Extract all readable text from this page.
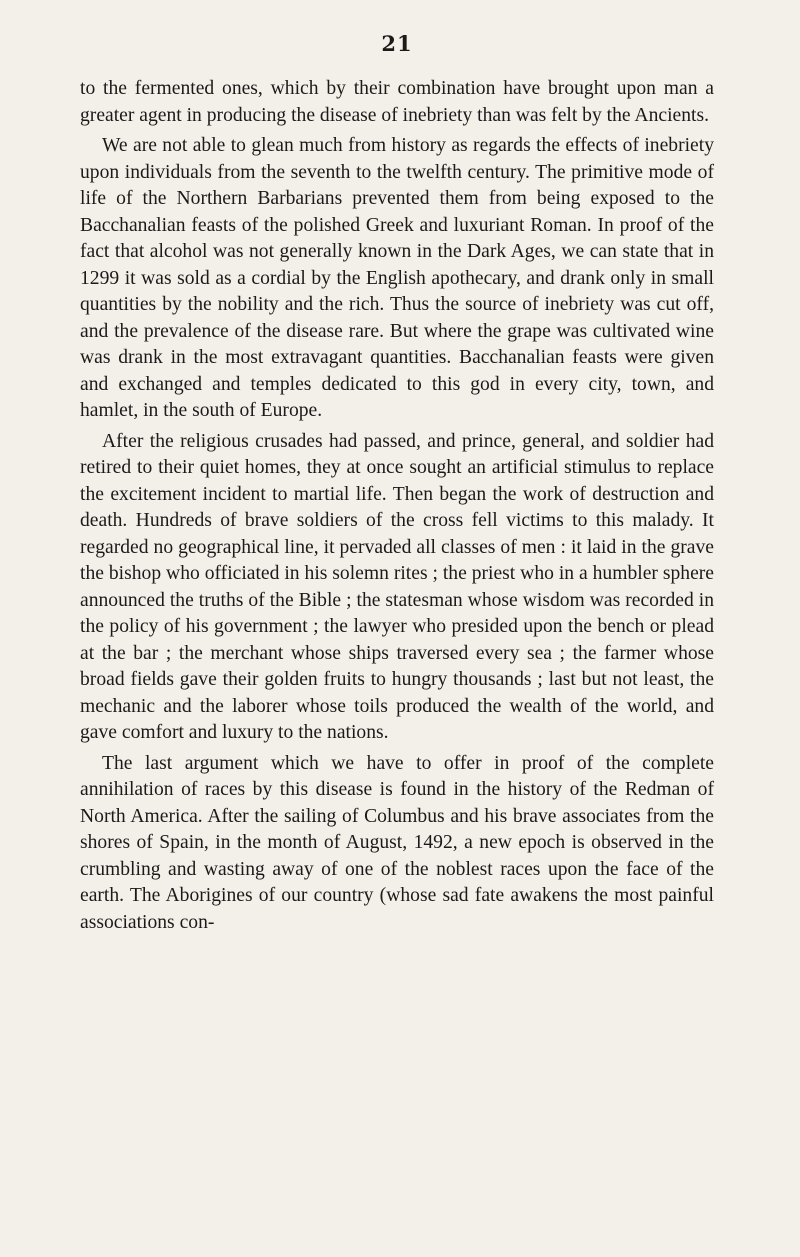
21

to the fermented ones, which by their combination have brought upon man a greater agent in producing the disease of inebriety than was felt by the Ancients.

We are not able to glean much from history as regards the effects of inebriety upon individuals from the seventh to the twelfth century. The primitive mode of life of the Northern Barbarians prevented them from being exposed to the Bacchanalian feasts of the polished Greek and luxuriant Roman. In proof of the fact that alcohol was not generally known in the Dark Ages, we can state that in 1299 it was sold as a cordial by the English apothecary, and drank only in small quantities by the nobility and the rich. Thus the source of inebriety was cut off, and the prevalence of the disease rare. But where the grape was cultivated wine was drank in the most extravagant quantities. Bacchanalian feasts were given and exchanged and temples dedicated to this god in every city, town, and hamlet, in the south of Europe.

After the religious crusades had passed, and prince, general, and soldier had retired to their quiet homes, they at once sought an artificial stimulus to replace the excitement incident to martial life. Then began the work of destruction and death. Hundreds of brave soldiers of the cross fell victims to this malady. It regarded no geographical line, it pervaded all classes of men : it laid in the grave the bishop who officiated in his solemn rites ; the priest who in a humbler sphere announced the truths of the Bible ; the statesman whose wisdom was recorded in the policy of his government ; the lawyer who presided upon the bench or plead at the bar ; the merchant whose ships traversed every sea ; the farmer whose broad fields gave their golden fruits to hungry thousands ; last but not least, the mechanic and the laborer whose toils produced the wealth of the world, and gave comfort and luxury to the nations.

The last argument which we have to offer in proof of the complete annihilation of races by this disease is found in the history of the Redman of North America. After the sailing of Columbus and his brave associates from the shores of Spain, in the month of August, 1492, a new epoch is observed in the crumbling and wasting away of one of the noblest races upon the face of the earth. The Aborigines of our country (whose sad fate awakens the most painful associations con-
